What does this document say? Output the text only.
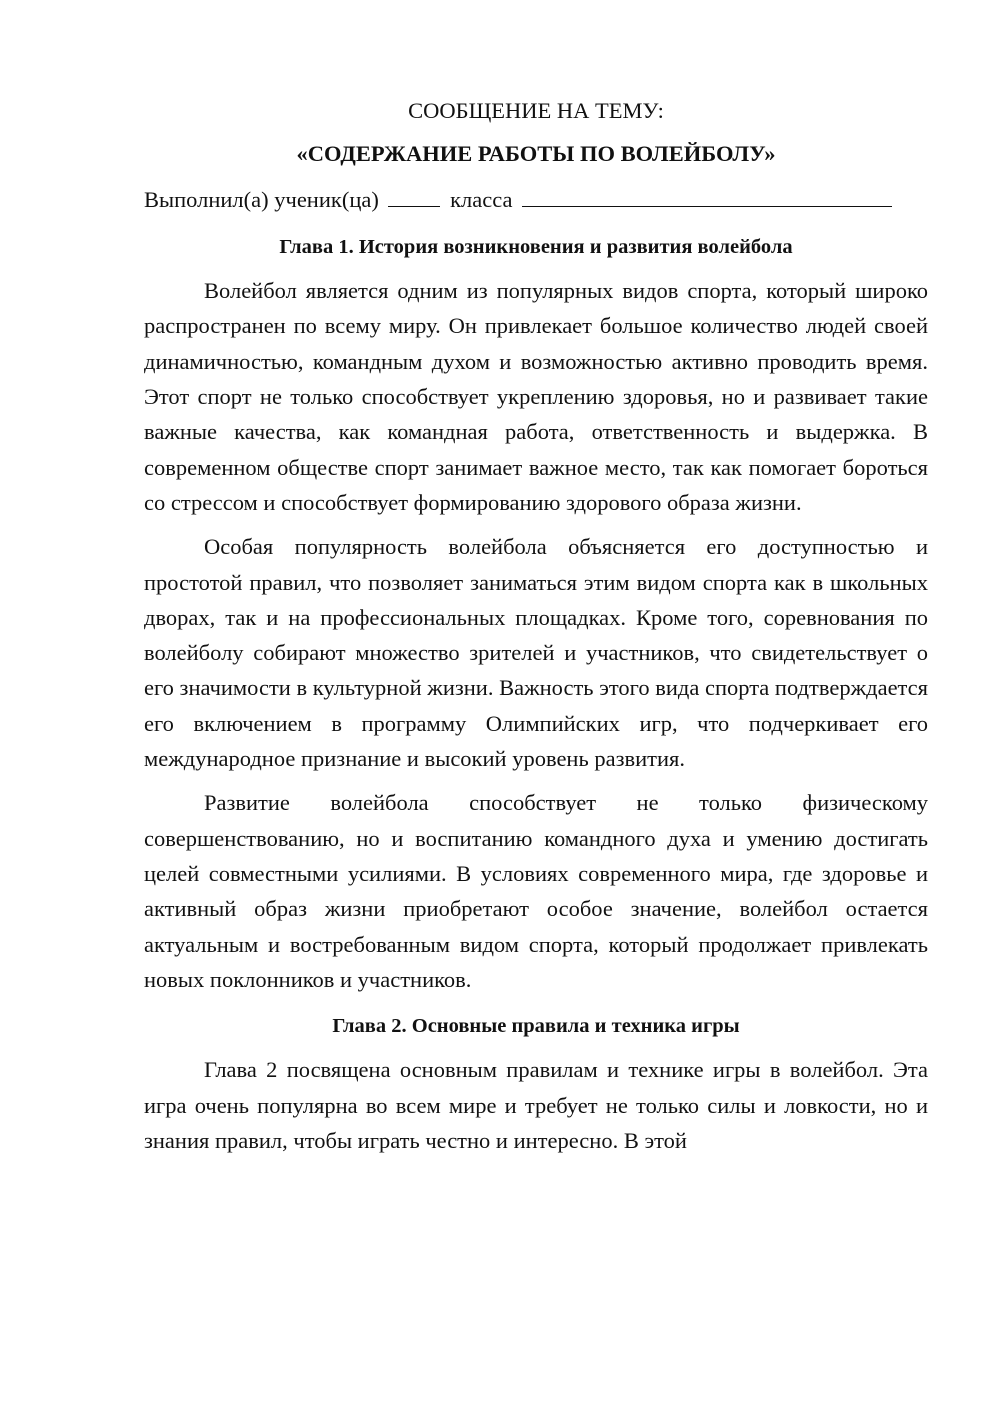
СООБЩЕНИЕ НА ТЕМУ:

«СОДЕРЖАНИЕ РАБОТЫ ПО ВОЛЕЙБОЛУ»

Выполнил(а) ученик(ца)	класса

Глава 1. История возникновения и развития волейбола

Волейбол является одним из популярных видов спорта, который широко распространен по всему миру. Он привлекает большое количество людей своей динамичностью, командным духом и возможностью активно проводить время. Этот спорт не только способствует укреплению здоровья, но и развивает такие важные качества, как командная работа, ответственность и выдержка. В современном обществе спорт занимает важное место, так как помогает бороться со стрессом и способствует формированию здорового образа жизни.

Особая популярность волейбола объясняется его доступностью и простотой правил, что позволяет заниматься этим видом спорта как в школьных дворах, так и на профессиональных площадках. Кроме того, соревнования по волейболу собирают множество зрителей и участников, что свидетельствует о его значимости в культурной жизни. Важность этого вида спорта подтверждается его включением в программу Олимпийских игр, что подчеркивает его международное признание и высокий уровень развития.

Развитие волейбола способствует не только физическому совершенствованию, но и воспитанию командного духа и умению достигать целей совместными усилиями. В условиях современного мира, где здоровье и активный образ жизни приобретают особое значение, волейбол остается актуальным и востребованным видом спорта, который продолжает привлекать новых поклонников и участников.

Глава 2. Основные правила и техника игры

Глава 2 посвящена основным правилам и технике игры в волейбол. Эта игра очень популярна во всем мире и требует не только силы и ловкости, но и знания правил, чтобы играть честно и интересно. В этой
